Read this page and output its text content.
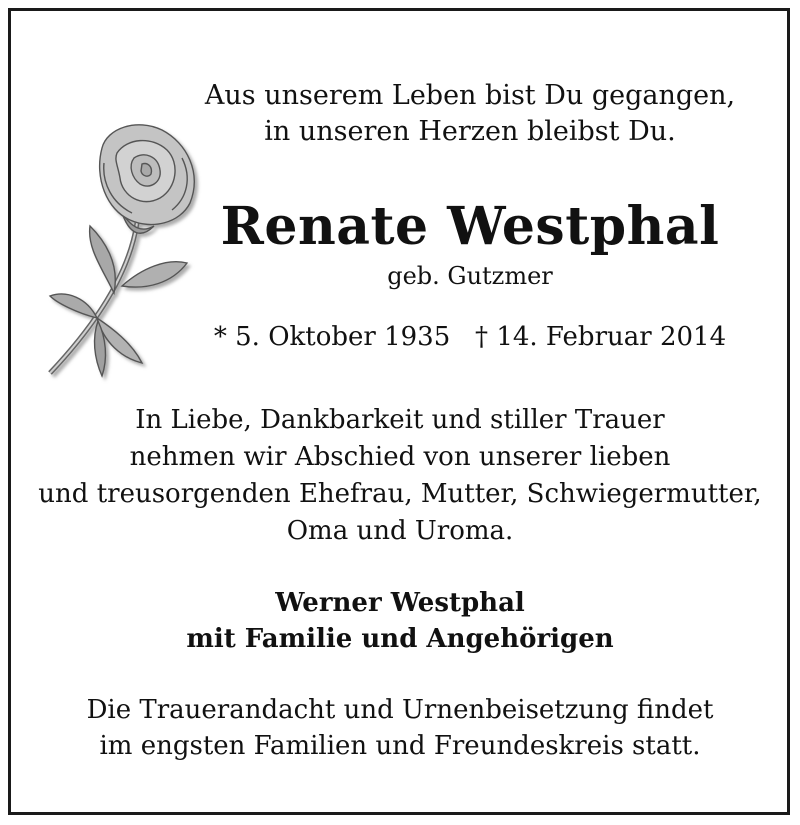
Aus unserem Leben bist Du gegangen,
in unseren Herzen bleibst Du.
Renate Westphal
geb. Gutzmer
* 5. Oktober 1935   † 14. Februar 2014
In Liebe, Dankbarkeit und stiller Trauer
nehmen wir Abschied von unserer lieben
und treusorgenden Ehefrau, Mutter, Schwiegermutter,
Oma und Uroma.
Werner Westphal
mit Familie und Angehörigen
Die Trauerandacht und Urnenbeisetzung findet
im engsten Familien und Freundeskreis statt.
